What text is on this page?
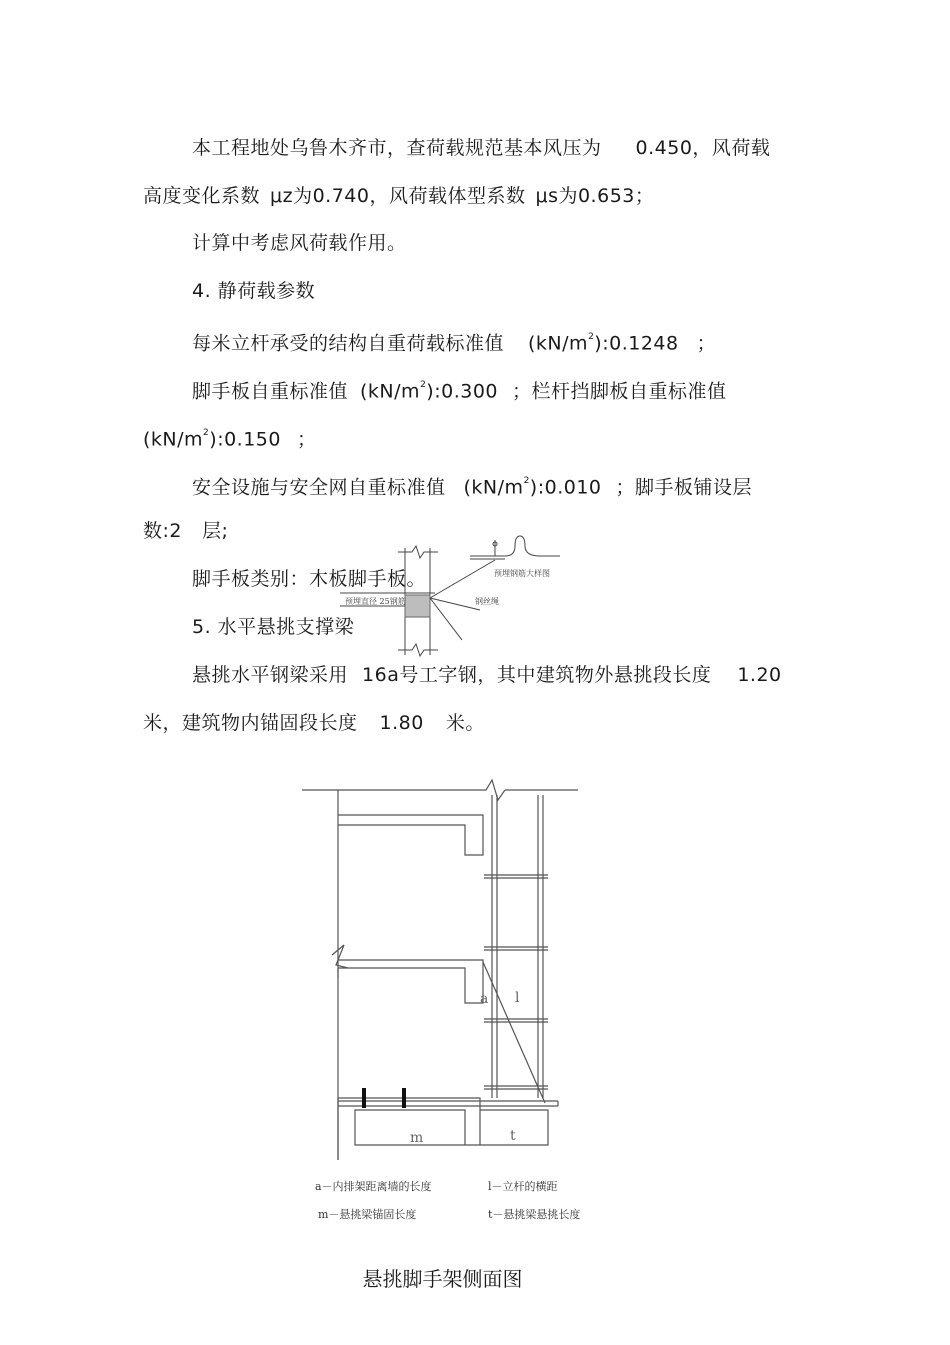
本工程地处乌鲁木齐市，查荷载规范基本风压为 0.450，风荷载
高度变化系数 μz为0.740，风荷载体型系数 μs为0.653；
计算中考虑风荷载作用。
4. 静荷载参数
每米立杆承受的结构自重荷载标准值 $(kN/m^2):0.1248$ ；
脚手板自重标准值 $(kN/m^2):0.300$ ；栏杆挡脚板自重标准值
$(kN/m^2):0.150$ ；
安全设施与安全网自重标准值 $(kN/m^2):0.010$ ；脚手板铺设层
数:2 层;
脚手板类别：木板脚手板。
5. 水平悬挑支撑梁
悬挑水平钢梁采用 16a号工字钢，其中建筑物外悬挑段长度 1.20
米，建筑物内锚固段长度 1.80 米。
预埋钢筋大样图
预埋直径 25钢筋	钢丝绳
a l
m	t
a－内排架距离墙的长度	l－立杆的横距
m－悬挑梁锚固长度	t－悬挑梁悬挑长度
悬挑脚手架侧面图
